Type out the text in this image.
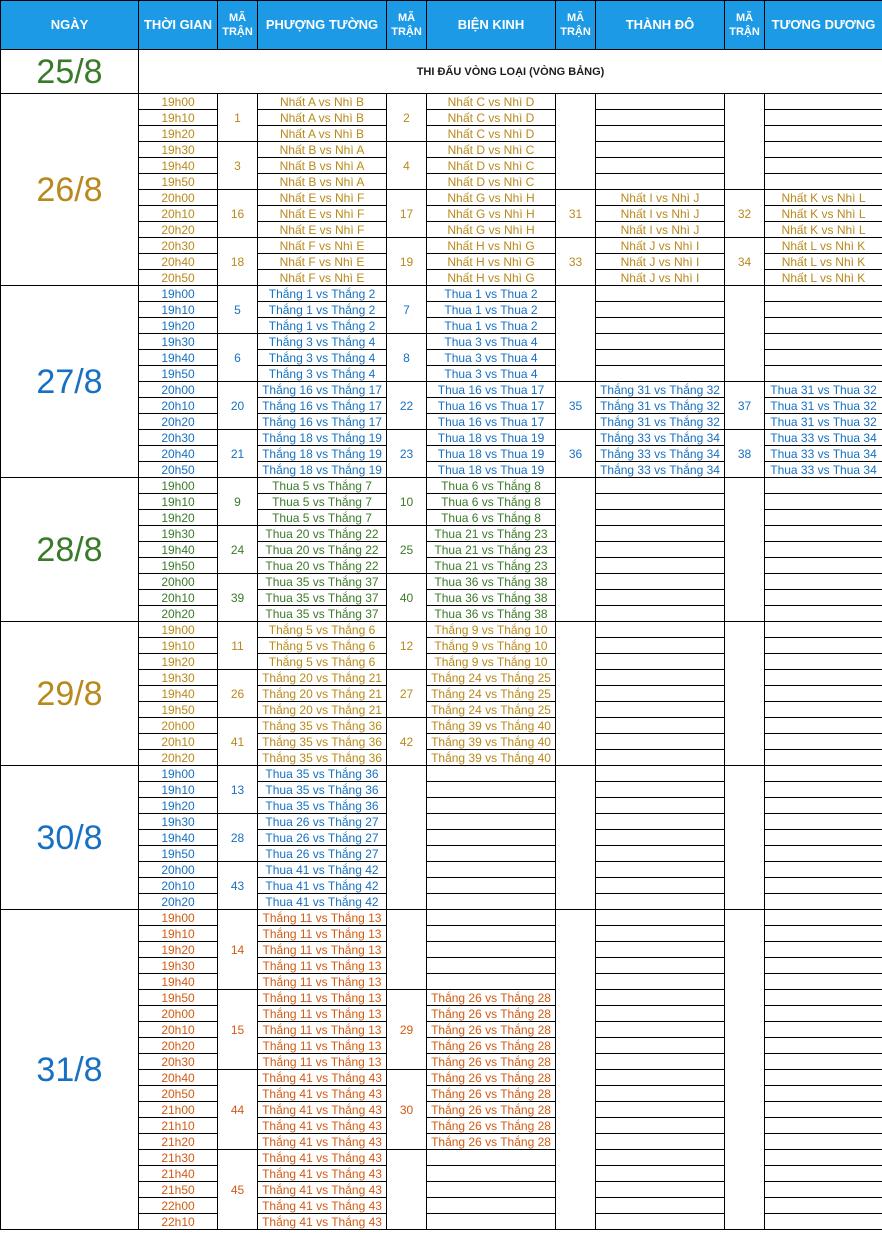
NGÀY	THỜI GIAN	MÃ TRẬN	PHƯỢNG TƯỜNG	MÃ TRẬN	BIỆN KINH	MÃ TRẬN	THÀNH ĐÔ	MÃ TRẬN	TƯƠNG DƯƠNG
25/8	THI ĐẤU VÒNG LOẠI (VÒNG BẢNG)								
26/8	19h00	1	Nhất A vs Nhì B	2	Nhất C vs Nhì D				
	19h10		Nhất A vs Nhì B		Nhất C vs Nhì D				
	19h20		Nhất A vs Nhì B		Nhất C vs Nhì D				
	19h30	3	Nhất B vs Nhì A	4	Nhất D vs Nhì C				
	19h40		Nhất B vs Nhì A		Nhất D vs Nhì C				
	19h50		Nhất B vs Nhì A		Nhất D vs Nhì C				
	20h00	16	Nhất E vs Nhì F	17	Nhất G vs Nhì H	31	Nhất I vs Nhì J	32	Nhất K vs Nhì L
	20h10		Nhất E vs Nhì F		Nhất G vs Nhì H		Nhất I vs Nhì J		Nhất K vs Nhì L
	20h20		Nhất E vs Nhì F		Nhất G vs Nhì H		Nhất I vs Nhì J		Nhất K vs Nhì L
	20h30	18	Nhất F vs Nhì E	19	Nhất H vs Nhì G	33	Nhất J vs Nhì I	34	Nhất L vs Nhì K
	20h40		Nhất F vs Nhì E		Nhất H vs Nhì G		Nhất J vs Nhì I		Nhất L vs Nhì K
	20h50		Nhất F vs Nhì E		Nhất H vs Nhì G		Nhất J vs Nhì I		Nhất L vs Nhì K
27/8	19h00	5	Thắng 1 vs Thắng 2	7	Thua 1 vs Thua 2				
	19h10		Thắng 1 vs Thắng 2		Thua 1 vs Thua 2				
	19h20		Thắng 1 vs Thắng 2		Thua 1 vs Thua 2				
	19h30	6	Thắng 3 vs Thắng 4	8	Thua 3 vs Thua 4				
	19h40		Thắng 3 vs Thắng 4		Thua 3 vs Thua 4				
	19h50		Thắng 3 vs Thắng 4		Thua 3 vs Thua 4				
	20h00	20	Thắng 16 vs Thắng 17	22	Thua 16 vs Thua 17	35	Thắng 31 vs Thắng 32	37	Thua 31 vs Thua 32
	20h10		Thắng 16 vs Thắng 17		Thua 16 vs Thua 17		Thắng 31 vs Thắng 32		Thua 31 vs Thua 32
	20h20		Thắng 16 vs Thắng 17		Thua 16 vs Thua 17		Thắng 31 vs Thắng 32		Thua 31 vs Thua 32
	20h30	21	Thắng 18 vs Thắng 19	23	Thua 18 vs Thua 19	36	Thắng 33 vs Thắng 34	38	Thua 33 vs Thua 34
	20h40		Thắng 18 vs Thắng 19		Thua 18 vs Thua 19		Thắng 33 vs Thắng 34		Thua 33 vs Thua 34
	20h50		Thắng 18 vs Thắng 19		Thua 18 vs Thua 19		Thắng 33 vs Thắng 34		Thua 33 vs Thua 34
28/8	19h00	9	Thua 5 vs Thắng 7	10	Thua 6 vs Thắng 8				
	19h10		Thua 5 vs Thắng 7		Thua 6 vs Thắng 8				
	19h20		Thua 5 vs Thắng 7		Thua 6 vs Thắng 8				
	19h30	24	Thua 20 vs Thắng 22	25	Thua 21 vs Thắng 23				
	19h40		Thua 20 vs Thắng 22		Thua 21 vs Thắng 23				
	19h50		Thua 20 vs Thắng 22		Thua 21 vs Thắng 23				
	20h00	39	Thua 35 vs Thắng 37	40	Thua 36 vs Thắng 38				
	20h10		Thua 35 vs Thắng 37		Thua 36 vs Thắng 38				
	20h20		Thua 35 vs Thắng 37		Thua 36 vs Thắng 38				
29/8	19h00	11	Thắng 5 vs Thắng 6	12	Thắng 9 vs Thắng 10				
	19h10		Thắng 5 vs Thắng 6		Thắng 9 vs Thắng 10				
	19h20		Thắng 5 vs Thắng 6		Thắng 9 vs Thắng 10				
	19h30	26	Thắng 20 vs Thắng 21	27	Thắng 24 vs Thắng 25				
	19h40		Thắng 20 vs Thắng 21		Thắng 24 vs Thắng 25				
	19h50		Thắng 20 vs Thắng 21		Thắng 24 vs Thắng 25				
	20h00	41	Thắng 35 vs Thắng 36	42	Thắng 39 vs Thắng 40				
	20h10		Thắng 35 vs Thắng 36		Thắng 39 vs Thắng 40				
	20h20		Thắng 35 vs Thắng 36		Thắng 39 vs Thắng 40				
30/8	19h00	13	Thua 35 vs Thắng 36						
	19h10		Thua 35 vs Thắng 36						
	19h20		Thua 35 vs Thắng 36						
	19h30	28	Thua 26 vs Thắng 27						
	19h40		Thua 26 vs Thắng 27						
	19h50		Thua 26 vs Thắng 27						
	20h00	43	Thua 41 vs Thắng 42						
	20h10		Thua 41 vs Thắng 42						
	20h20		Thua 41 vs Thắng 42						
31/8	19h00	14	Thắng 11 vs Thắng 13						
	19h10		Thắng 11 vs Thắng 13						
	19h20		Thắng 11 vs Thắng 13						
	19h30		Thắng 11 vs Thắng 13						
	19h40		Thắng 11 vs Thắng 13						
	19h50	15	Thắng 11 vs Thắng 13	29	Thắng 26 vs Thắng 28				
	20h00		Thắng 11 vs Thắng 13		Thắng 26 vs Thắng 28				
	20h10		Thắng 11 vs Thắng 13		Thắng 26 vs Thắng 28				
	20h20		Thắng 11 vs Thắng 13		Thắng 26 vs Thắng 28				
	20h30		Thắng 11 vs Thắng 13		Thắng 26 vs Thắng 28				
	20h40	44	Thắng 41 vs Thắng 43	30	Thắng 26 vs Thắng 28				
	20h50		Thắng 41 vs Thắng 43		Thắng 26 vs Thắng 28				
	21h00		Thắng 41 vs Thắng 43		Thắng 26 vs Thắng 28				
	21h10		Thắng 41 vs Thắng 43		Thắng 26 vs Thắng 28				
	21h20		Thắng 41 vs Thắng 43		Thắng 26 vs Thắng 28				
	21h30	45	Thắng 41 vs Thắng 43						
	21h40		Thắng 41 vs Thắng 43						
	21h50		Thắng 41 vs Thắng 43						
	22h00		Thắng 41 vs Thắng 43						
	22h10		Thắng 41 vs Thắng 43						
